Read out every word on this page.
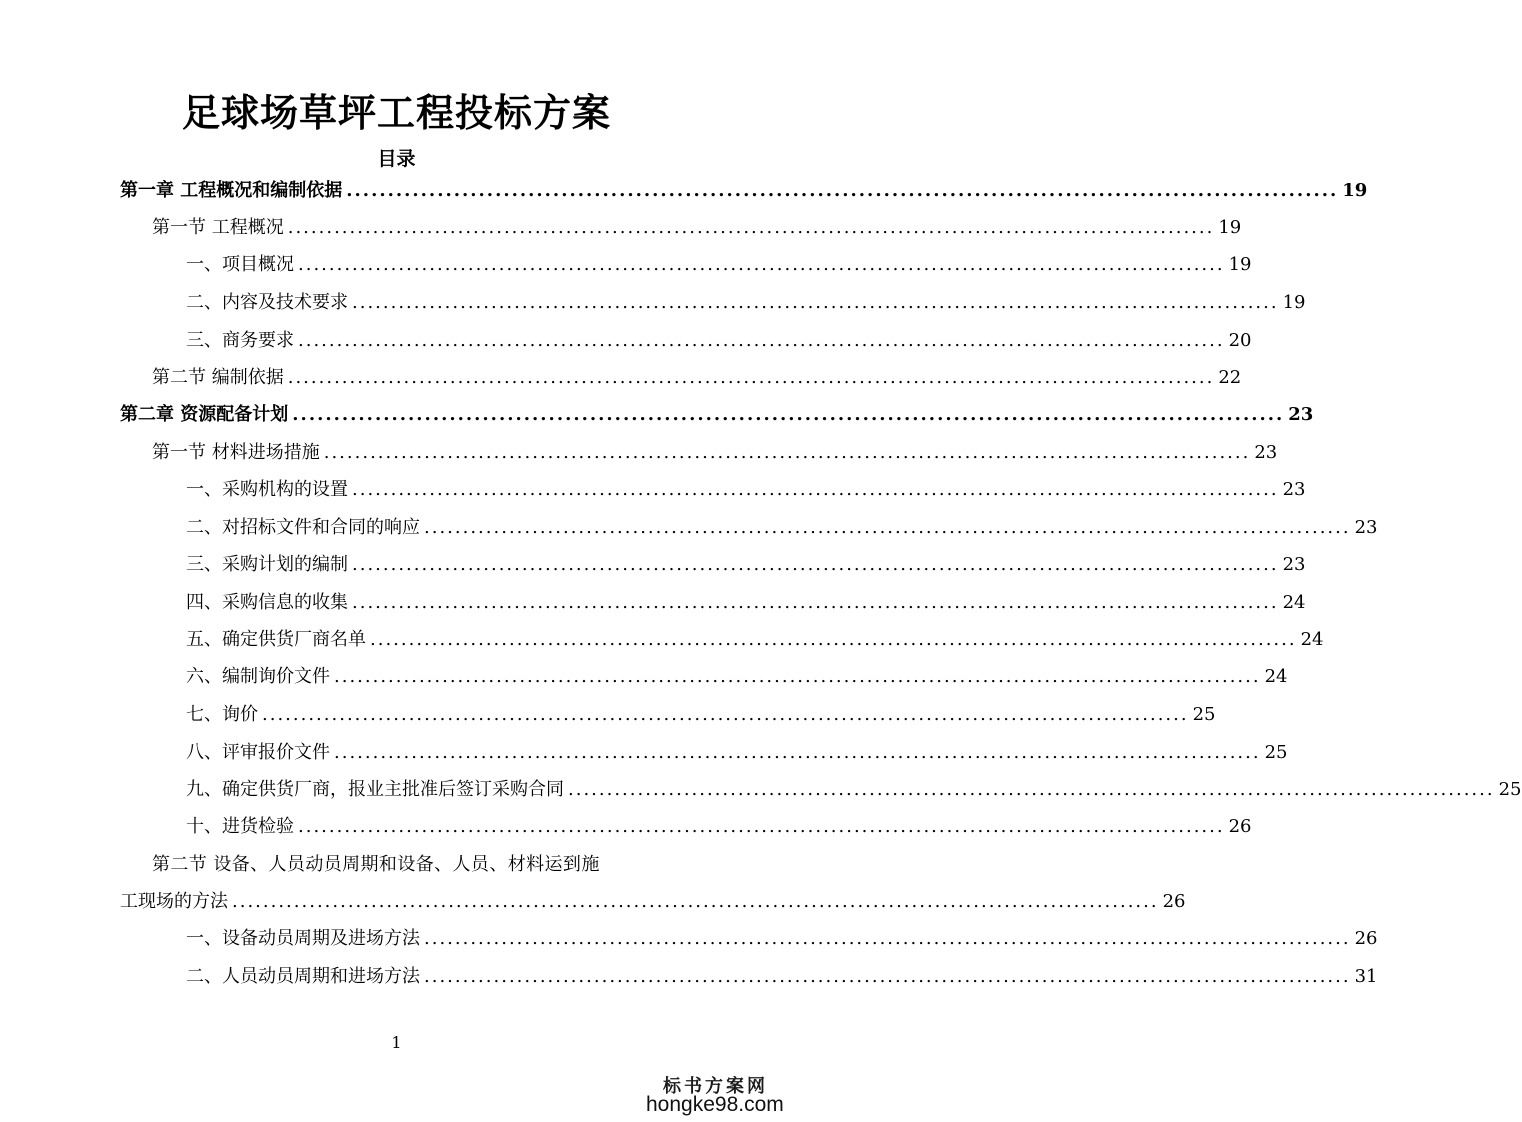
足球场草坪工程投标方案
目录
第一章 工程概况和编制依据 ........................................................................................................................ 19
第一节 工程概况 ........................................................................................................................ 19
一、项目概况 ........................................................................................................................ 19
二、内容及技术要求 ........................................................................................................................ 19
三、商务要求 ........................................................................................................................ 20
第二节 编制依据 ........................................................................................................................ 22
第二章 资源配备计划 ........................................................................................................................ 23
第一节 材料进场措施 ........................................................................................................................ 23
一、采购机构的设置 ........................................................................................................................ 23
二、对招标文件和合同的响应 ........................................................................................................................ 23
三、采购计划的编制 ........................................................................................................................ 23
四、采购信息的收集 ........................................................................................................................ 24
五、确定供货厂商名单 ........................................................................................................................ 24
六、编制询价文件 ........................................................................................................................ 24
七、询价 ........................................................................................................................ 25
八、评审报价文件 ........................................................................................................................ 25
九、确定供货厂商，报业主批准后签订采购合同 ........................................................................................................................ 25
十、进货检验 ........................................................................................................................ 26
第二节 设备、人员动员周期和设备、人员、材料运到施
工现场的方法 ........................................................................................................................ 26
一、设备动员周期及进场方法 ........................................................................................................................ 26
二、人员动员周期和进场方法 ........................................................................................................................ 31
1
标书方案网
hongke98.com
